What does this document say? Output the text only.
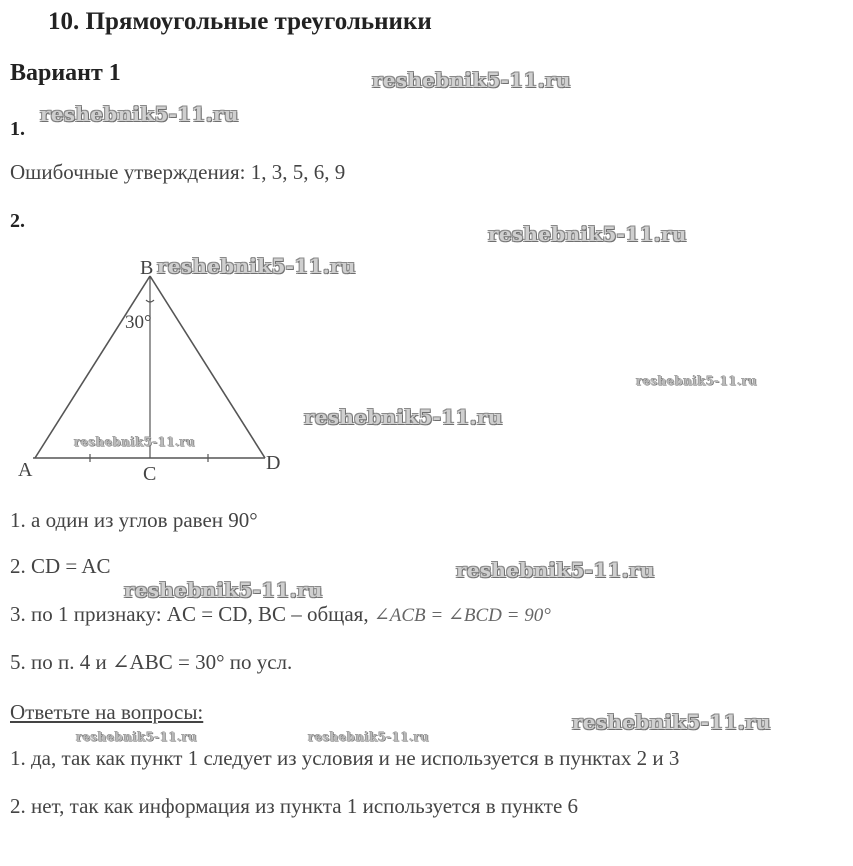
10. Прямоугольные треугольники
Вариант 1
1.
Ошибочные утверждения: 1, 3, 5, 6, 9
2.
B
A	C	D
30°
1. а один из углов равен 90°
2. CD = AC
3. по 1 признаку: AC = CD, BC – общая, ∠ACB = ∠BCD = 90°
5. по п. 4 и ∠ABC = 30° по усл.
Ответьте на вопросы:
1. да, так как пункт 1 следует из условия и не используется в пунктах 2 и 3
2. нет, так как информация из пункта 1 используется в пункте 6
reshebnik5-11.ru
reshebnik5-11.ru
reshebnik5-11.ru
reshebnik5-11.ru
reshebnik5-11.ru
reshebnik5-11.ru
reshebnik5-11.ru
reshebnik5-11.ru
reshebnik5-11.ru
reshebnik5-11.ru
reshebnik5-11.ru	reshebnik5-11.ru
